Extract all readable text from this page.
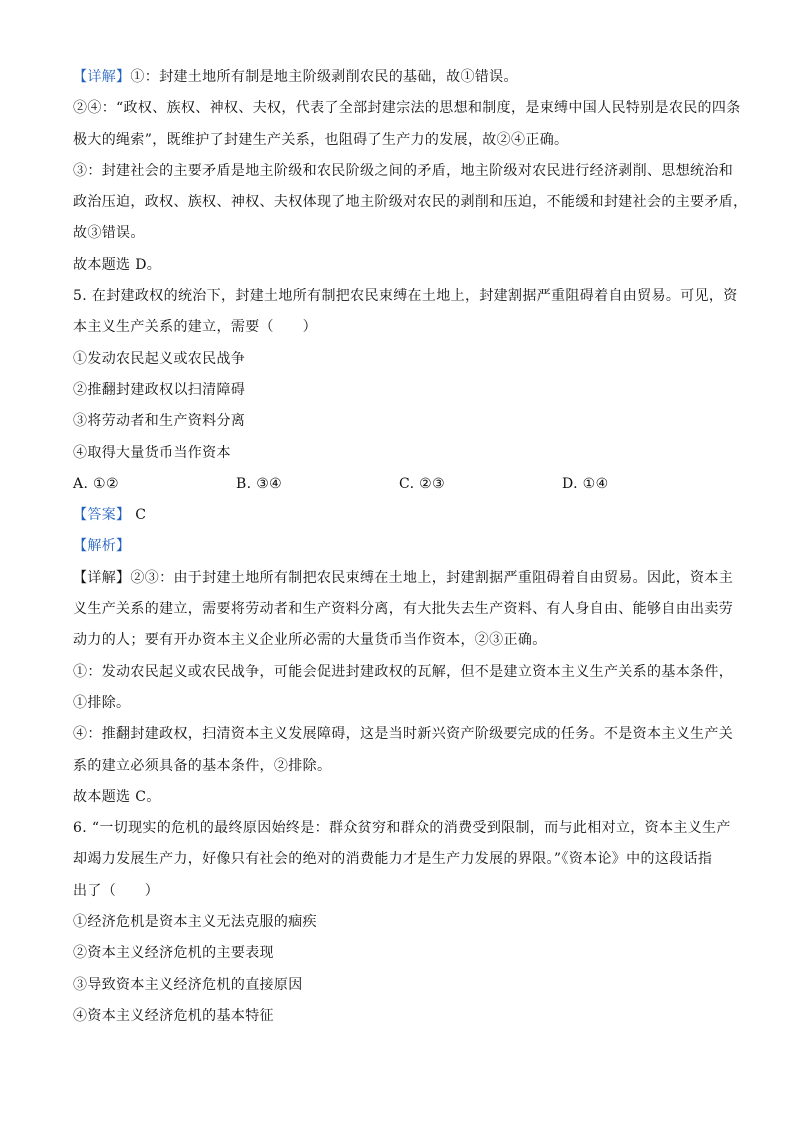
【详解】①：封建土地所有制是地主阶级剥削农民的基础，故①错误。
②④：“政权、族权、神权、夫权，代表了全部封建宗法的思想和制度，是束缚中国人民特别是农民的四条
极大的绳索”，既维护了封建生产关系，也阻碍了生产力的发展，故②④正确。
③：封建社会的主要矛盾是地主阶级和农民阶级之间的矛盾，地主阶级对农民进行经济剥削、思想统治和
政治压迫，政权、族权、神权、夫权体现了地主阶级对农民的剥削和压迫，不能缓和封建社会的主要矛盾，
故③错误。
故本题选 D。
5. 在封建政权的统治下，封建土地所有制把农民束缚在土地上，封建割据严重阻碍着自由贸易。可见，资
本主义生产关系的建立，需要（　　）
①发动农民起义或农民战争
②推翻封建政权以扫清障碍
③将劳动者和生产资料分离
④取得大量货币当作资本
A. ①②	B. ③④	C. ②③	D. ①④
【答案】 C
【解析】
【详解】②③：由于封建土地所有制把农民束缚在土地上，封建割据严重阻碍着自由贸易。因此，资本主
义生产关系的建立，需要将劳动者和生产资料分离，有大批失去生产资料、有人身自由、能够自由出卖劳
动力的人；要有开办资本主义企业所必需的大量货币当作资本，②③正确。
①：发动农民起义或农民战争，可能会促进封建政权的瓦解，但不是建立资本主义生产关系的基本条件，
①排除。
④：推翻封建政权，扫清资本主义发展障碍，这是当时新兴资产阶级要完成的任务。不是资本主义生产关
系的建立必须具备的基本条件，②排除。
故本题选 C。
6. “一切现实的危机的最终原因始终是：群众贫穷和群众的消费受到限制，而与此相对立，资本主义生产
却竭力发展生产力，好像只有社会的绝对的消费能力才是生产力发展的界限。”《资本论》中的这段话指
出了（　　）
①经济危机是资本主义无法克服的痼疾
②资本主义经济危机的主要表现
③导致资本主义经济危机的直接原因
④资本主义经济危机的基本特征
